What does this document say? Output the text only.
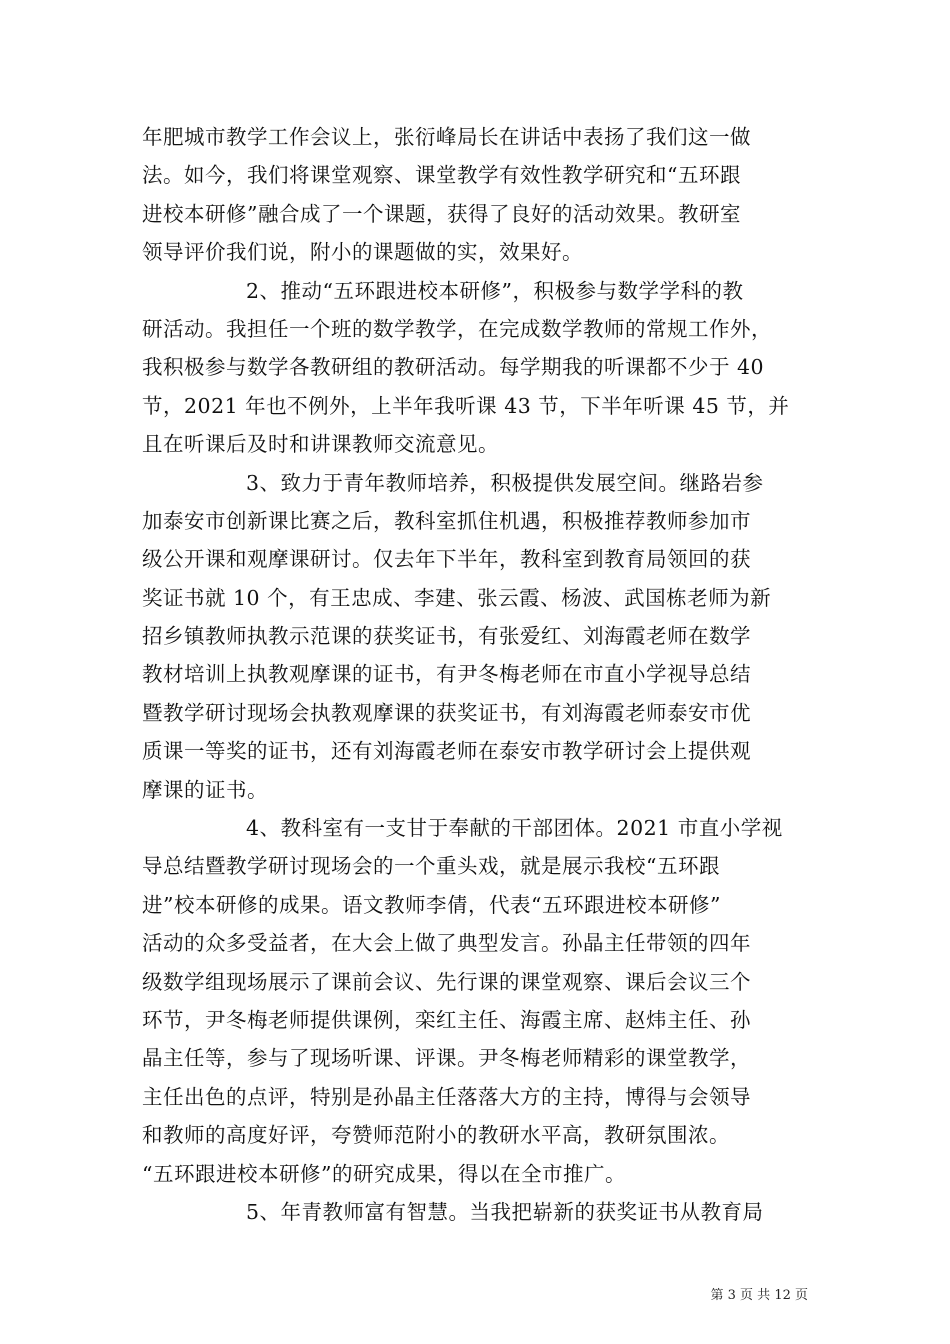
年肥城市教学工作会议上，张衍峰局长在讲话中表扬了我们这一做
法。如今，我们将课堂观察、课堂教学有效性教学研究和“五环跟
进校本研修”融合成了一个课题，获得了良好的活动效果。教研室
领导评价我们说，附小的课题做的实，效果好。
2、推动“五环跟进校本研修”，积极参与数学学科的教
研活动。我担任一个班的数学教学，在完成数学教师的常规工作外，
我积极参与数学各教研组的教研活动。每学期我的听课都不少于 40
节，2021 年也不例外，上半年我听课 43 节，下半年听课 45 节，并
且在听课后及时和讲课教师交流意见。
3、致力于青年教师培养，积极提供发展空间。继路岩参
加泰安市创新课比赛之后，教科室抓住机遇，积极推荐教师参加市
级公开课和观摩课研讨。仅去年下半年，教科室到教育局领回的获
奖证书就 10 个，有王忠成、李建、张云霞、杨波、武国栋老师为新
招乡镇教师执教示范课的获奖证书，有张爱红、刘海霞老师在数学
教材培训上执教观摩课的证书，有尹冬梅老师在市直小学视导总结
暨教学研讨现场会执教观摩课的获奖证书，有刘海霞老师泰安市优
质课一等奖的证书，还有刘海霞老师在泰安市教学研讨会上提供观
摩课的证书。
4、教科室有一支甘于奉献的干部团体。2021 市直小学视
导总结暨教学研讨现场会的一个重头戏，就是展示我校“五环跟
进”校本研修的成果。语文教师李倩，代表“五环跟进校本研修”
活动的众多受益者，在大会上做了典型发言。孙晶主任带领的四年
级数学组现场展示了课前会议、先行课的课堂观察、课后会议三个
环节，尹冬梅老师提供课例，栾红主任、海霞主席、赵炜主任、孙
晶主任等，参与了现场听课、评课。尹冬梅老师精彩的课堂教学，
主任出色的点评，特别是孙晶主任落落大方的主持，博得与会领导
和教师的高度好评，夸赞师范附小的教研水平高，教研氛围浓。
“五环跟进校本研修”的研究成果，得以在全市推广。
5、年青教师富有智慧。当我把崭新的获奖证书从教育局
第 3 页 共 12 页
